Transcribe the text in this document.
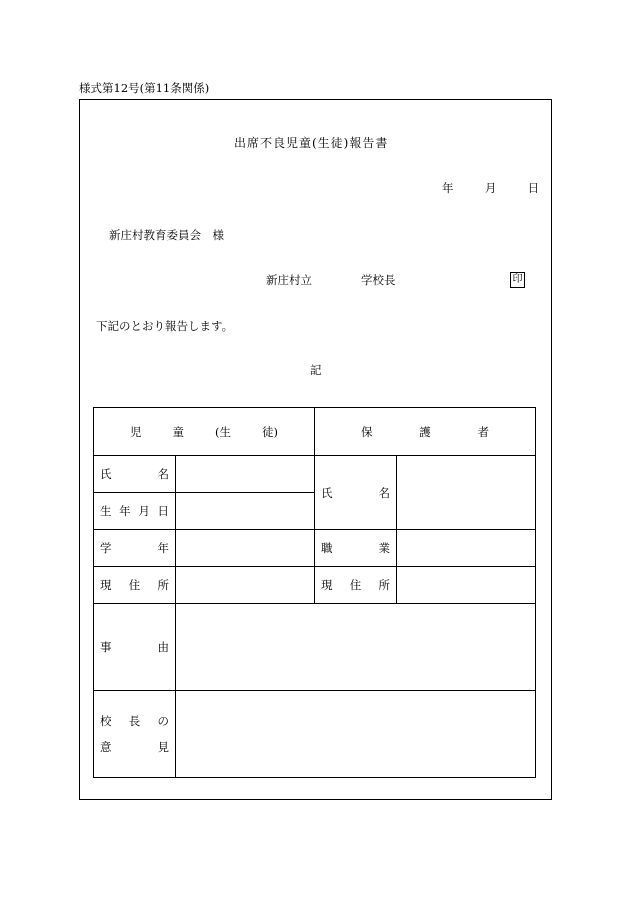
様式第12号(第11条関係)
出席不良児童(生徒)報告書
年	月	日
新庄村教育委員会　様
新庄村立	学校長	印
下記のとおり報告します。
記
児 童 (生 徒)		保 護 者	

氏 名		氏 名	

生 年 月 日			

学 年		職 業	

現 住 所		現 住 所	

事 由			

校 長 の
意 見			
